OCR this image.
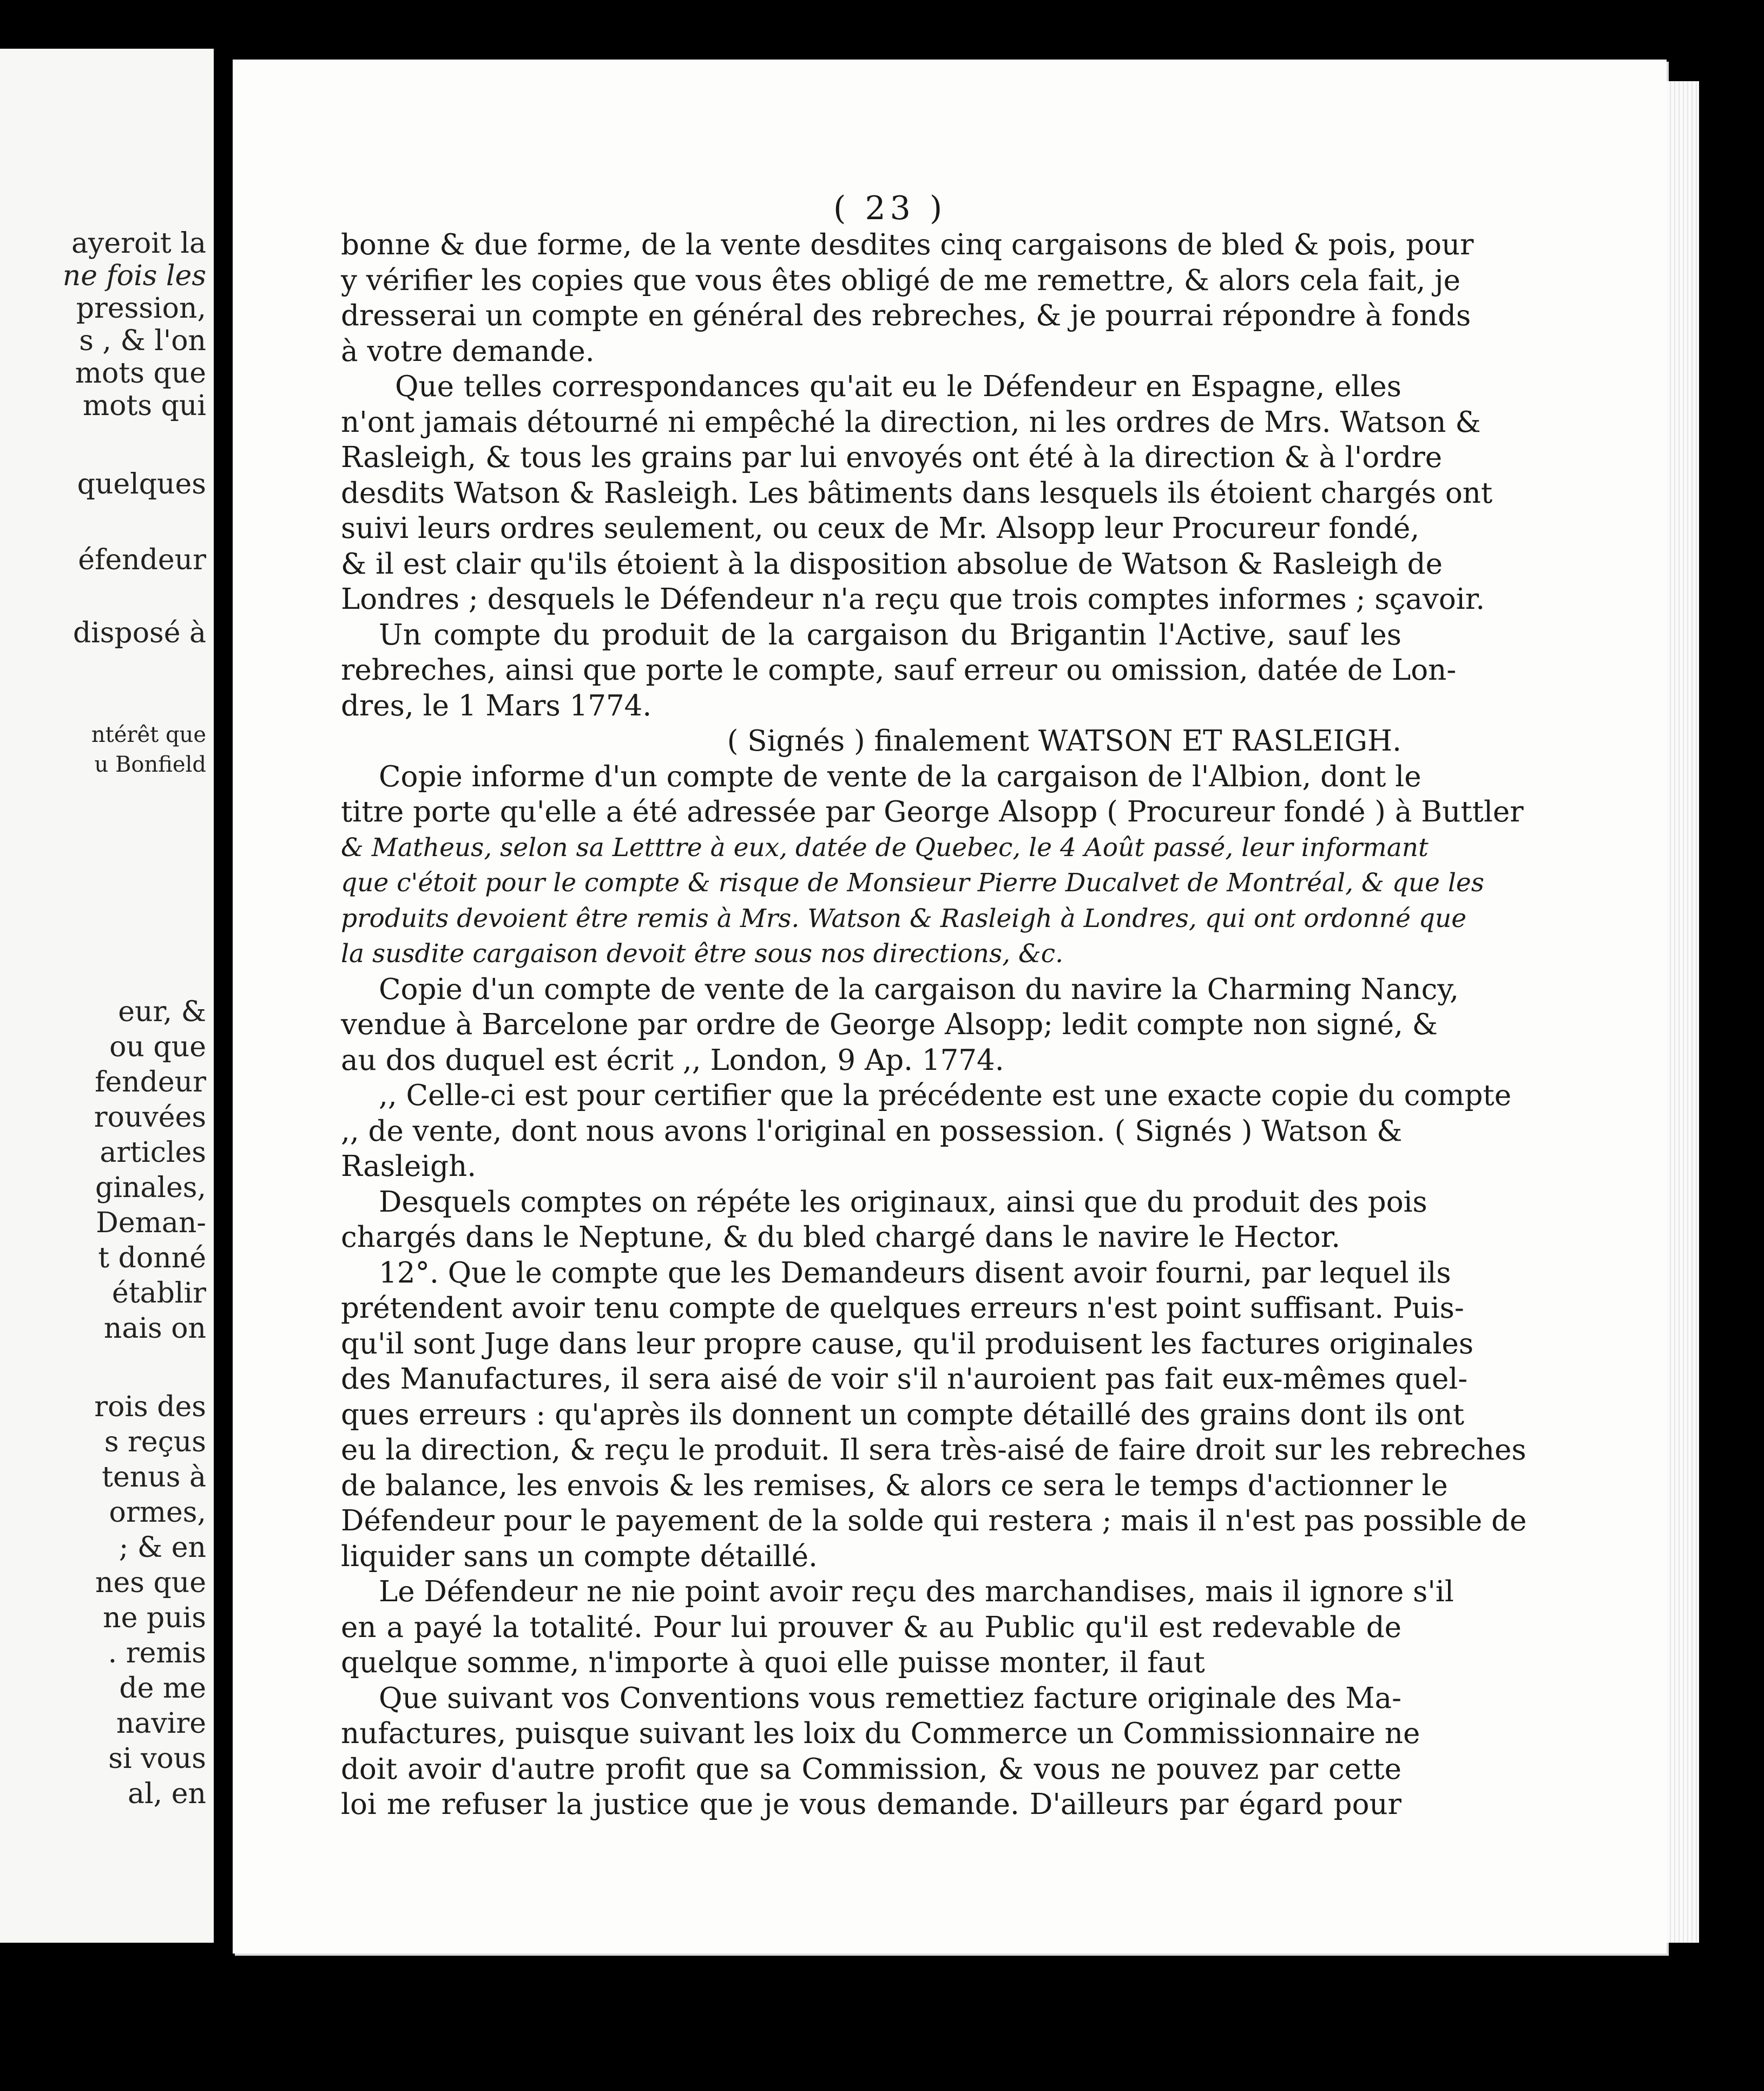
ayeroit la
ne fois les
pression,
s , & l'on
mots que
mots qui
quelques
éfendeur
disposé à
ntérêt que
u Bonfield
eur, &
ou que
fendeur
rouvées
articles
ginales,
Deman-
t donné
établir
nais on
rois des
s reçus
tenus à
ormes,
; & en
nes que
ne puis
. remis
de me
navire
si vous
al, en
( 23 )
bonne & due forme, de la vente desdites cinq cargaisons de bled & pois, pour
y vérifier les copies que vous êtes obligé de me remettre, & alors cela fait, je
dresserai un compte en général des rebreches, & je pourrai répondre à fonds
à votre demande.
Que telles correspondances qu'ait eu le Défendeur en Espagne, elles
n'ont jamais détourné ni empêché la direction, ni les ordres de Mrs. Watson &
Rasleigh, & tous les grains par lui envoyés ont été à la direction & à l'ordre
desdits Watson & Rasleigh. Les bâtiments dans lesquels ils étoient chargés ont
suivi leurs ordres seulement, ou ceux de Mr. Alsopp leur Procureur fondé,
& il est clair qu'ils étoient à la disposition absolue de Watson & Rasleigh de
Londres ; desquels le Défendeur n'a reçu que trois comptes informes ; sçavoir.
Un compte du produit de la cargaison du Brigantin l'Active, sauf les
rebreches, ainsi que porte le compte, sauf erreur ou omission, datée de Lon-
dres, le 1 Mars 1774.
( Signés ) finalement WATSON ET RASLEIGH.
Copie informe d'un compte de vente de la cargaison de l'Albion, dont le
titre porte qu'elle a été adressée par George Alsopp ( Procureur fondé ) à Buttler
& Matheus, selon sa Letttre à eux, datée de Quebec, le 4 Août passé, leur informant
que c'étoit pour le compte & risque de Monsieur Pierre Ducalvet de Montréal, & que les
produits devoient être remis à Mrs. Watson & Rasleigh à Londres, qui ont ordonné que
la susdite cargaison devoit être sous nos directions, &c.
Copie d'un compte de vente de la cargaison du navire la Charming Nancy,
vendue à Barcelone par ordre de George Alsopp; ledit compte non signé, &
au dos duquel est écrit ,, London, 9 Ap. 1774.
,, Celle-ci est pour certifier que la précédente est une exacte copie du compte
,, de vente, dont nous avons l'original en possession. ( Signés ) Watson &
Rasleigh.
Desquels comptes on répéte les originaux, ainsi que du produit des pois
chargés dans le Neptune, & du bled chargé dans le navire le Hector.
12°. Que le compte que les Demandeurs disent avoir fourni, par lequel ils
prétendent avoir tenu compte de quelques erreurs n'est point suffisant. Puis-
qu'il sont Juge dans leur propre cause, qu'il produisent les factures originales
des Manufactures, il sera aisé de voir s'il n'auroient pas fait eux-mêmes quel-
ques erreurs : qu'après ils donnent un compte détaillé des grains dont ils ont
eu la direction, & reçu le produit. Il sera très-aisé de faire droit sur les rebreches
de balance, les envois & les remises, & alors ce sera le temps d'actionner le
Défendeur pour le payement de la solde qui restera ; mais il n'est pas possible de
liquider sans un compte détaillé.
Le Défendeur ne nie point avoir reçu des marchandises, mais il ignore s'il
en a payé la totalité. Pour lui prouver & au Public qu'il est redevable de
quelque somme, n'importe à quoi elle puisse monter, il faut
Que suivant vos Conventions vous remettiez facture originale des Ma-
nufactures, puisque suivant les loix du Commerce un Commissionnaire ne
doit avoir d'autre profit que sa Commission, & vous ne pouvez par cette
loi me refuser la justice que je vous demande. D'ailleurs par égard pour
